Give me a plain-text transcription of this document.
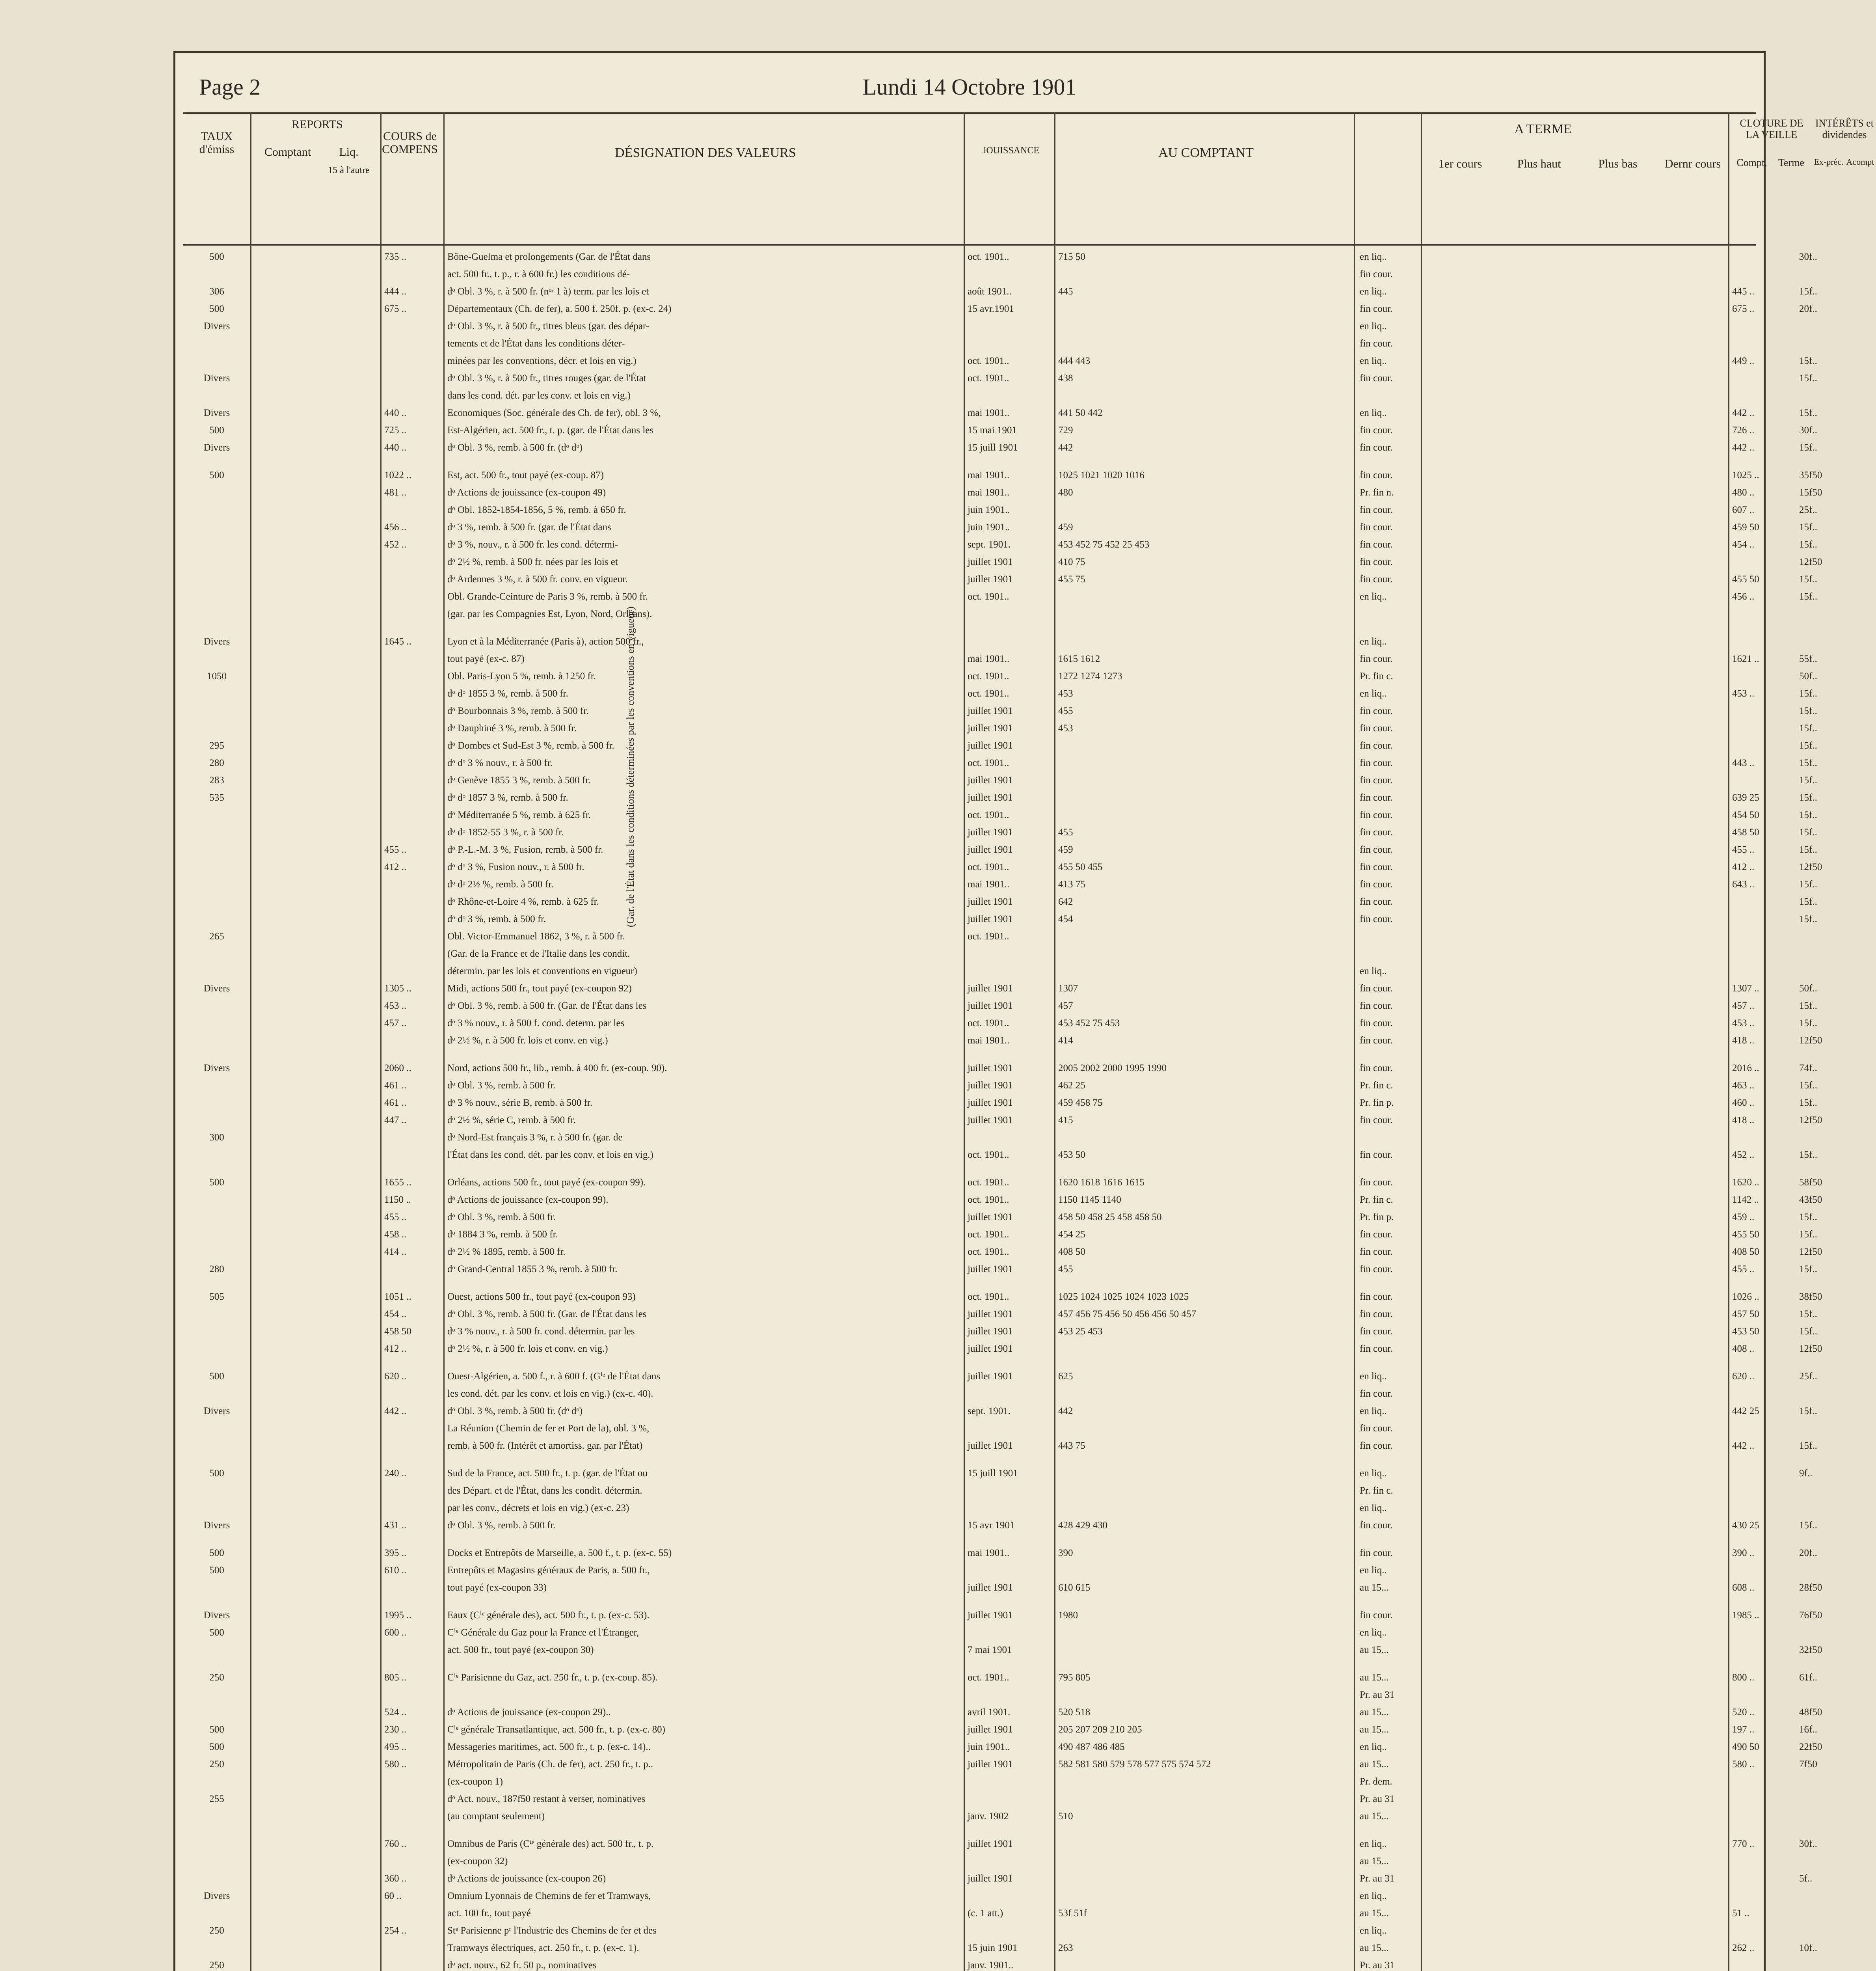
Page 2	Lundi 14 Octobre 1901
TAUX d'émiss
REPORTS
Comptant	Liq.
15 à l'autre
COURS de COMPENS	DÉSIGNATION DES VALEURS	JOUISSANCE	AU COMPTANT
A TERME
1er cours	Plus haut	Plus bas	Dernr cours
CLOTURE DE LA VEILLE
Compt.	Terme
INTÉRÊTS et dividendes
Ex-préc. Acompt
(Gar. de l'État dans les conditions déterminées par les conventions en vigueur)
500	735 ..	Bône-Guelma et prolongements (Gar. de l'État dans	oct. 1901..	715 50	en liq..	30f..
act. 500 fr., t. p., r. à 600 fr.) les conditions dé-	fin cour.
306	444 ..	dᵒ Obl. 3 %, r. à 500 fr. (nᵒˢ 1 à) term. par les lois et	août 1901..	445	en liq..	445 ..	15f..
500	675 ..	Départementaux (Ch. de fer), a. 500 f. 250f. p. (ex-c. 24)	15 avr.1901	fin cour.	675 ..	20f..
Divers	dᵒ Obl. 3 %, r. à 500 fr., titres bleus (gar. des dépar-	en liq..
tements et de l'État dans les conditions déter-	fin cour.
minées par les conventions, décr. et lois en vig.)	oct. 1901..	444 443	en liq..	449 ..	15f..
Divers	dᵒ Obl. 3 %, r. à 500 fr., titres rouges (gar. de l'État	oct. 1901..	438	fin cour.	15f..
dans les cond. dét. par les conv. et lois en vig.)
Divers	440 ..	Economiques (Soc. générale des Ch. de fer), obl. 3 %,	mai 1901..	441 50 442	en liq..	442 ..	15f..
500	725 ..	Est-Algérien, act. 500 fr., t. p. (gar. de l'État dans les	15 mai 1901	729	fin cour.	726 ..	30f..
Divers	440 ..	dᵒ Obl. 3 %, remb. à 500 fr. (dᵒ dᵒ)	15 juill 1901	442	fin cour.	442 ..	15f..
500	1022 ..	Est, act. 500 fr., tout payé (ex-coup. 87)	mai 1901..	1025 1021 1020 1016	fin cour.	1025 ..	35f50
481 ..	dᵒ Actions de jouissance (ex-coupon 49)	mai 1901..	480	Pr. fin n.	480 ..	15f50
dᵒ Obl. 1852-1854-1856, 5 %, remb. à 650 fr.	juin 1901..	fin cour.	607 ..	25f..
456 ..	dᵒ 3 %, remb. à 500 fr. (gar. de l'État dans	juin 1901..	459	fin cour.	459 50	15f..
452 ..	dᵒ 3 %, nouv., r. à 500 fr. les cond. détermi-	sept. 1901.	453 452 75 452 25 453	fin cour.	454 ..	15f..
dᵒ 2½ %, remb. à 500 fr. nées par les lois et	juillet 1901	410 75	fin cour.	12f50
dᵒ Ardennes 3 %, r. à 500 fr. conv. en vigueur.	juillet 1901	455 75	fin cour.	455 50	15f..
Obl. Grande-Ceinture de Paris 3 %, remb. à 500 fr.	oct. 1901..	en liq..	456 ..	15f..
(gar. par les Compagnies Est, Lyon, Nord, Orléans).
Divers	1645 ..	Lyon et à la Méditerranée (Paris à), action 500 fr.,	en liq..
tout payé (ex-c. 87)	mai 1901..	1615 1612	fin cour.	1621 ..	55f..
1050	Obl. Paris-Lyon 5 %, remb. à 1250 fr.	oct. 1901..	1272 1274 1273	Pr. fin c.	50f..
dᵒ dᵒ 1855 3 %, remb. à 500 fr.	oct. 1901..	453	en liq..	453 ..	15f..
dᵒ Bourbonnais 3 %, remb. à 500 fr.	juillet 1901	455	fin cour.	15f..
dᵒ Dauphiné 3 %, remb. à 500 fr.	juillet 1901	453	fin cour.	15f..
295	dᵒ Dombes et Sud-Est 3 %, remb. à 500 fr.	juillet 1901	fin cour.	15f..
280	dᵒ dᵒ 3 % nouv., r. à 500 fr.	oct. 1901..	fin cour.	443 ..	15f..
283	dᵒ Genève 1855 3 %, remb. à 500 fr.	juillet 1901	fin cour.	15f..
535	dᵒ dᵒ 1857 3 %, remb. à 500 fr.	juillet 1901	fin cour.	639 25	15f..
dᵒ Méditerranée 5 %, remb. à 625 fr.	oct. 1901..	fin cour.	454 50	15f..
dᵒ dᵒ 1852-55 3 %, r. à 500 fr.	juillet 1901	455	fin cour.	458 50	15f..
455 ..	dᵒ P.-L.-M. 3 %, Fusion, remb. à 500 fr.	juillet 1901	459	fin cour.	455 ..	15f..
412 ..	dᵒ dᵒ 3 %, Fusion nouv., r. à 500 fr.	oct. 1901..	455 50 455	fin cour.	412 ..	12f50
dᵒ dᵒ 2½ %, remb. à 500 fr.	mai 1901..	413 75	fin cour.	643 ..	15f..
dᵒ Rhône-et-Loire 4 %, remb. à 625 fr.	juillet 1901	642	fin cour.	15f..
dᵒ dᵒ 3 %, remb. à 500 fr.	juillet 1901	454	fin cour.	15f..
265	Obl. Victor-Emmanuel 1862, 3 %, r. à 500 fr.	oct. 1901..
(Gar. de la France et de l'Italie dans les condit.
détermin. par les lois et conventions en vigueur)	en liq..
Divers	1305 ..	Midi, actions 500 fr., tout payé (ex-coupon 92)	juillet 1901	1307	fin cour.	1307 ..	50f..
453 ..	dᵒ Obl. 3 %, remb. à 500 fr. (Gar. de l'État dans les	juillet 1901	457	fin cour.	457 ..	15f..
457 ..	dᵒ 3 % nouv., r. à 500 f. cond. determ. par les	oct. 1901..	453 452 75 453	fin cour.	453 ..	15f..
dᵒ 2½ %, r. à 500 fr. lois et conv. en vig.)	mai 1901..	414	fin cour.	418 ..	12f50
Divers	2060 ..	Nord, actions 500 fr., lib., remb. à 400 fr. (ex-coup. 90).	juillet 1901	2005 2002 2000 1995 1990	fin cour.	2016 ..	74f..
461 ..	dᵒ Obl. 3 %, remb. à 500 fr.	juillet 1901	462 25	Pr. fin c.	463 ..	15f..
461 ..	dᵒ 3 % nouv., série B, remb. à 500 fr.	juillet 1901	459 458 75	Pr. fin p.	460 ..	15f..
447 ..	dᵒ 2½ %, série C, remb. à 500 fr.	juillet 1901	415	fin cour.	418 ..	12f50
300	dᵒ Nord-Est français 3 %, r. à 500 fr. (gar. de
l'État dans les cond. dét. par les conv. et lois en vig.)	oct. 1901..	453 50	fin cour.	452 ..	15f..
500	1655 ..	Orléans, actions 500 fr., tout payé (ex-coupon 99).	oct. 1901..	1620 1618 1616 1615	fin cour.	1620 ..	58f50
1150 ..	dᵒ Actions de jouissance (ex-coupon 99).	oct. 1901..	1150 1145 1140	Pr. fin c.	1142 ..	43f50
455 ..	dᵒ Obl. 3 %, remb. à 500 fr.	juillet 1901	458 50 458 25 458 458 50	Pr. fin p.	459 ..	15f..
458 ..	dᵒ 1884 3 %, remb. à 500 fr.	oct. 1901..	454 25	fin cour.	455 50	15f..
414 ..	dᵒ 2½ % 1895, remb. à 500 fr.	oct. 1901..	408 50	fin cour.	408 50	12f50
280	dᵒ Grand-Central 1855 3 %, remb. à 500 fr.	juillet 1901	455	fin cour.	455 ..	15f..
505	1051 ..	Ouest, actions 500 fr., tout payé (ex-coupon 93)	oct. 1901..	1025 1024 1025 1024 1023 1025	fin cour.	1026 ..	38f50
454 ..	dᵒ Obl. 3 %, remb. à 500 fr. (Gar. de l'État dans les	juillet 1901	457 456 75 456 50 456 456 50 457	fin cour.	457 50	15f..
458 50	dᵒ 3 % nouv., r. à 500 fr. cond. détermin. par les	juillet 1901	453 25 453	fin cour.	453 50	15f..
412 ..	dᵒ 2½ %, r. à 500 fr. lois et conv. en vig.)	juillet 1901	fin cour.	408 ..	12f50
500	620 ..	Ouest-Algérien, a. 500 f., r. à 600 f. (Gⁱᵉ de l'État dans	juillet 1901	625	en liq..	620 ..	25f..
les cond. dét. par les conv. et lois en vig.) (ex-c. 40).	fin cour.
Divers	442 ..	dᵒ Obl. 3 %, remb. à 500 fr. (dᵒ dᵒ)	sept. 1901.	442	en liq..	442 25	15f..
La Réunion (Chemin de fer et Port de la), obl. 3 %,	fin cour.
remb. à 500 fr. (Intérêt et amortiss. gar. par l'État)	juillet 1901	443 75	fin cour.	442 ..	15f..
500	240 ..	Sud de la France, act. 500 fr., t. p. (gar. de l'État ou	15 juill 1901	en liq..	9f..
des Départ. et de l'État, dans les condit. détermin.	Pr. fin c.
par les conv., décrets et lois en vig.) (ex-c. 23)	en liq..
Divers	431 ..	dᵒ Obl. 3 %, remb. à 500 fr.	15 avr 1901	428 429 430	fin cour.	430 25	15f..
500	395 ..	Docks et Entrepôts de Marseille, a. 500 f., t. p. (ex-c. 55)	mai 1901..	390	fin cour.	390 ..	20f..
500	610 ..	Entrepôts et Magasins généraux de Paris, a. 500 fr.,	en liq..
tout payé (ex-coupon 33)	juillet 1901	610 615	au 15...	608 ..	28f50
Divers	1995 ..	Eaux (Cⁱᵉ générale des), act. 500 fr., t. p. (ex-c. 53).	juillet 1901	1980	fin cour.	1985 ..	76f50
500	600 ..	Cⁱᵉ Générale du Gaz pour la France et l'Étranger,	en liq..
act. 500 fr., tout payé (ex-coupon 30)	7 mai 1901	au 15...	32f50
250	805 ..	Cⁱᵉ Parisienne du Gaz, act. 250 fr., t. p. (ex-coup. 85).	oct. 1901..	795 805	au 15...	800 ..	61f..
Pr. au 31
524 ..	dᵒ Actions de jouissance (ex-coupon 29)..	avril 1901.	520 518	au 15...	520 ..	48f50
500	230 ..	Cⁱᵉ générale Transatlantique, act. 500 fr., t. p. (ex-c. 80)	juillet 1901	205 207 209 210 205	au 15...	197 ..	16f..
500	495 ..	Messageries maritimes, act. 500 fr., t. p. (ex-c. 14)..	juin 1901..	490 487 486 485	en liq..	490 50	22f50
250	580 ..	Métropolitain de Paris (Ch. de fer), act. 250 fr., t. p..	juillet 1901	582 581 580 579 578 577 575 574 572	au 15...	580 ..	7f50
(ex-coupon 1)	Pr. dem.
255	dᵒ Act. nouv., 187f50 restant à verser, nominatives	Pr. au 31
(au comptant seulement)	janv. 1902	510	au 15...
760 ..	Omnibus de Paris (Cⁱᵉ générale des) act. 500 fr., t. p.	juillet 1901	en liq..	770 ..	30f..
(ex-coupon 32)	au 15...
360 ..	dᵒ Actions de jouissance (ex-coupon 26)	juillet 1901	Pr. au 31	5f..
Divers	60 ..	Omnium Lyonnais de Chemins de fer et Tramways,	en liq..
act. 100 fr., tout payé	(c. 1 att.)	53f 51f	au 15...	51 ..
250	254 ..	Stᵉ Parisienne pʳ l'Industrie des Chemins de fer et des	en liq..
Tramways électriques, act. 250 fr., t. p. (ex-c. 1).	15 juin 1901	263	au 15...	262 ..	10f..
250	dᵒ act. nouv., 62 fr. 50 p., nominatives	janv. 1901..	Pr. au 31
